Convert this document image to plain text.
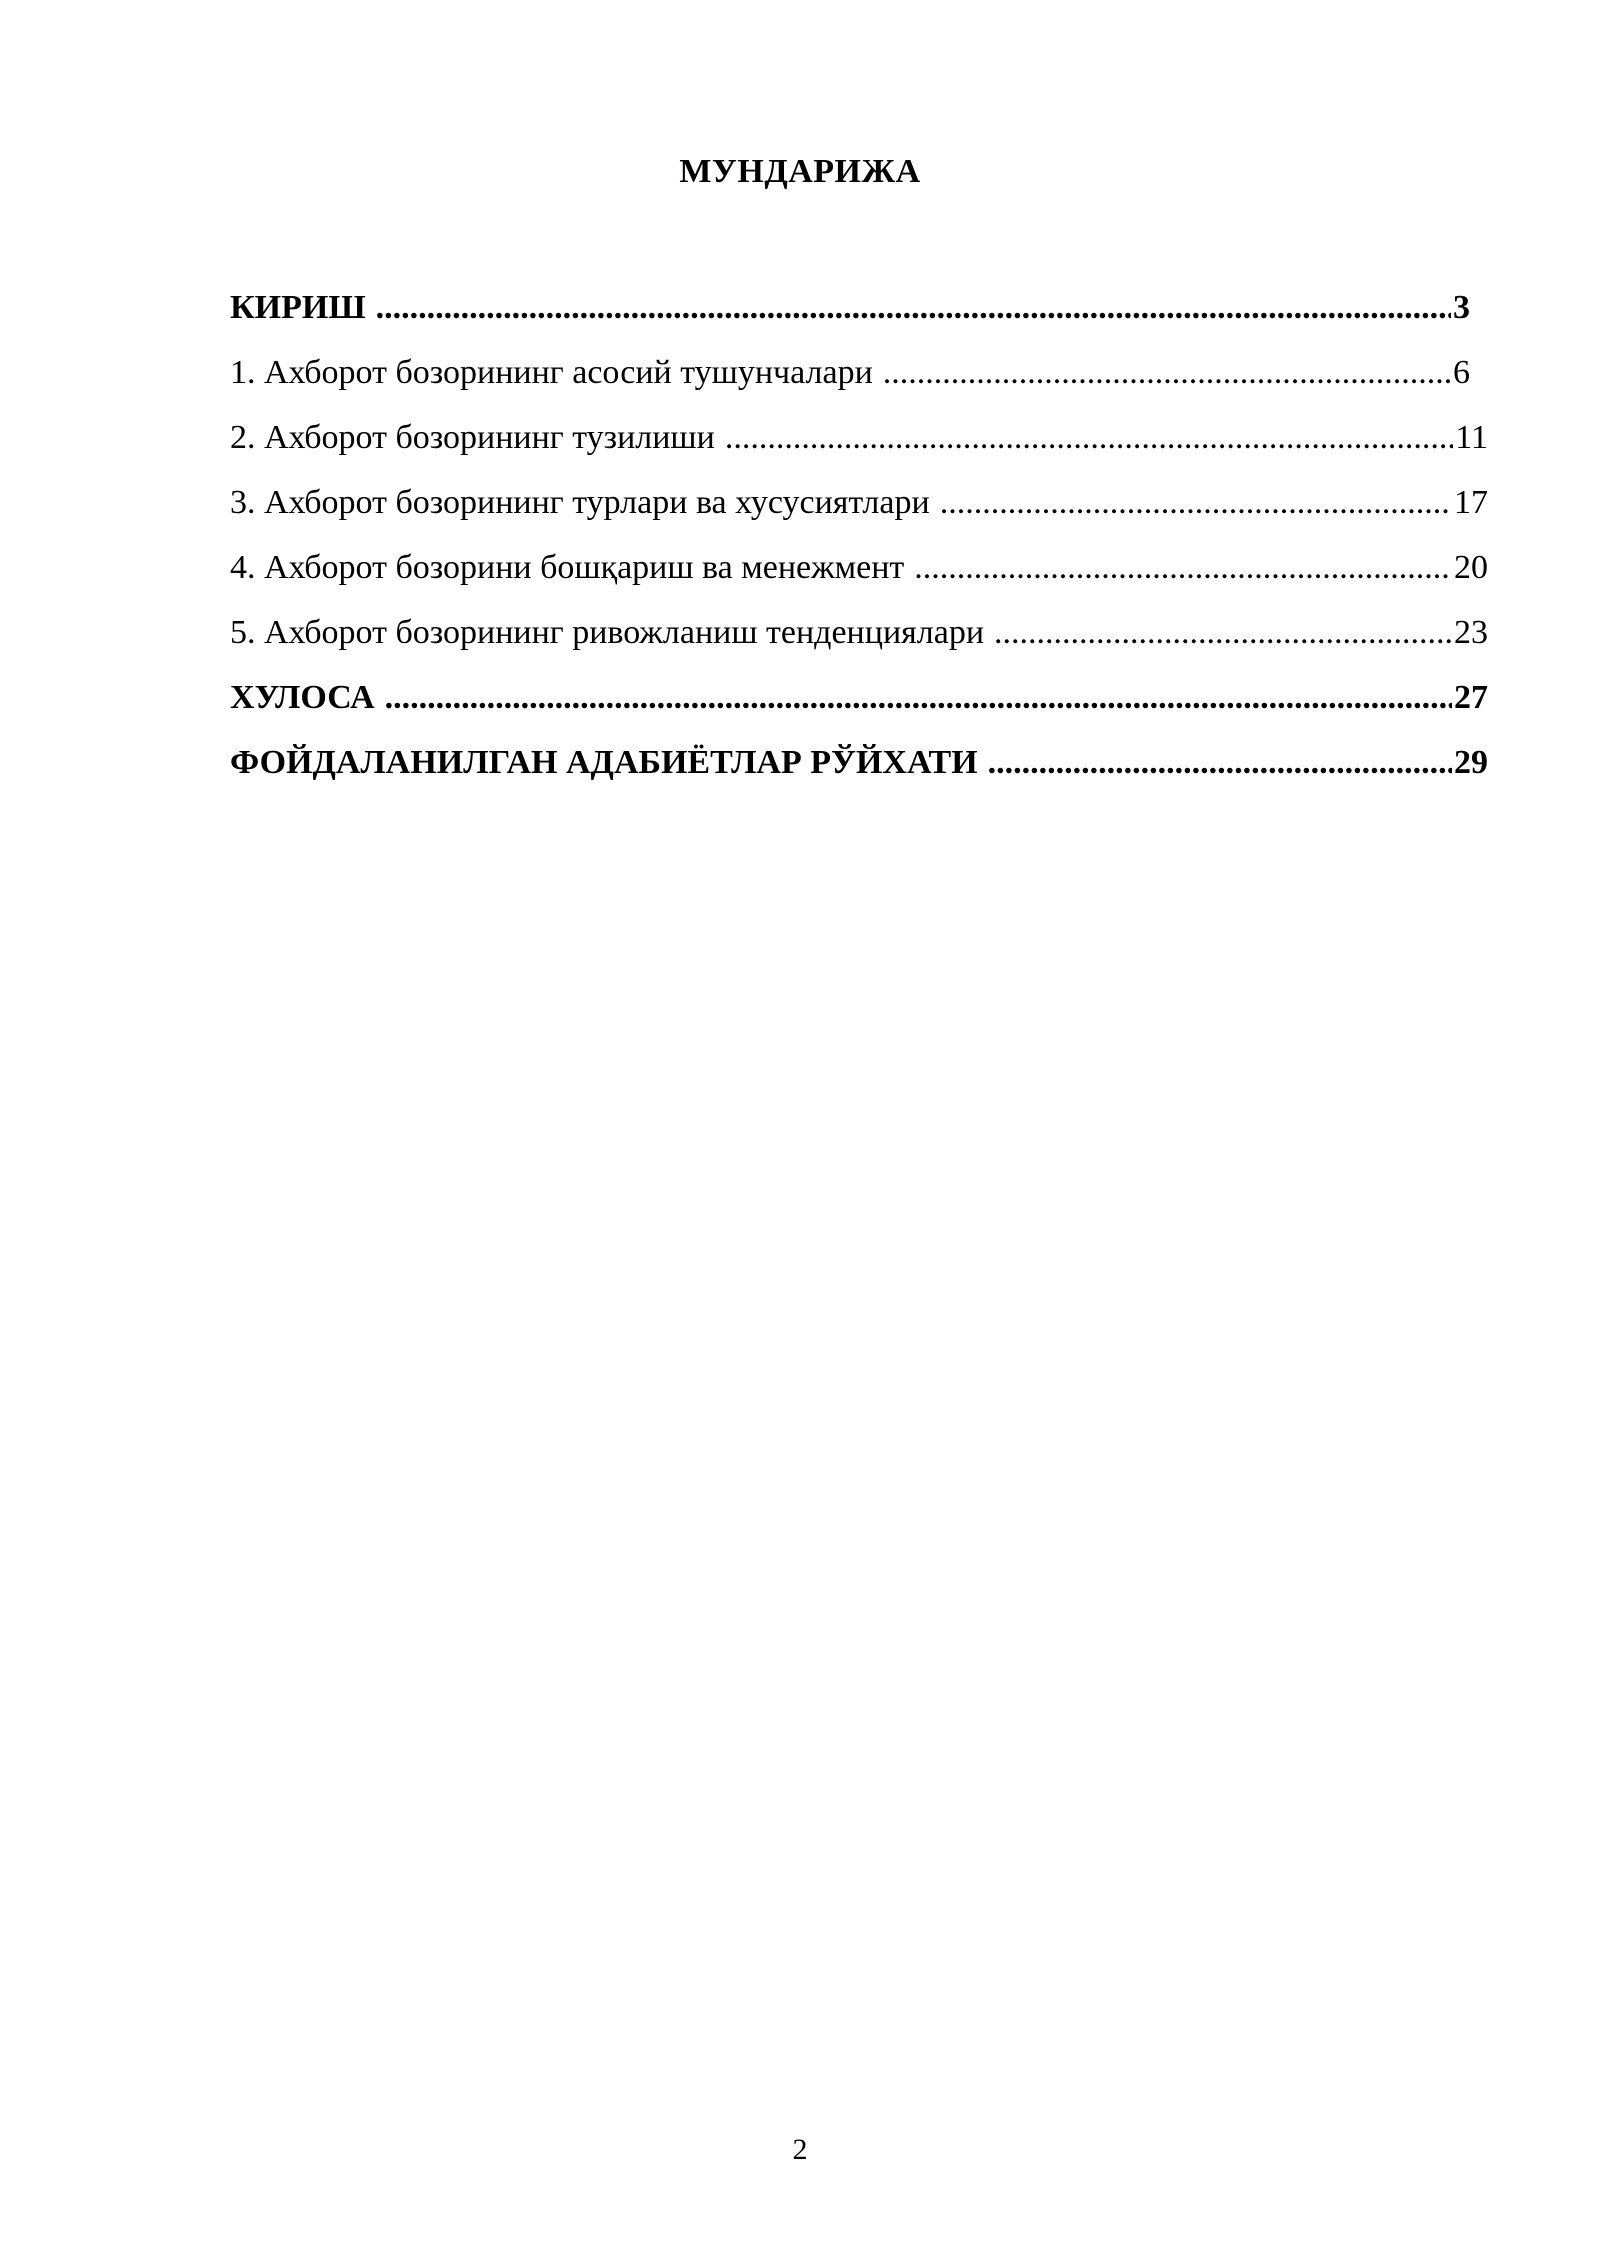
МУНДАРИЖА
КИРИШ .....	3
1. Ахборот бозорининг асосий тушунчалари .....	6
2. Ахборот бозорининг тузилиши .....	11
3. Ахборот бозорининг турлари ва хусусиятлари .....	17
4. Ахборот бозорини бошқариш ва менежмент .....	20
5. Ахборот бозорининг ривожланиш тенденциялари .....	23
ХУЛОСА .....	27
ФОЙДАЛАНИЛГАН АДАБИЁТЛАР РЎЙХАТИ .....	29
2
